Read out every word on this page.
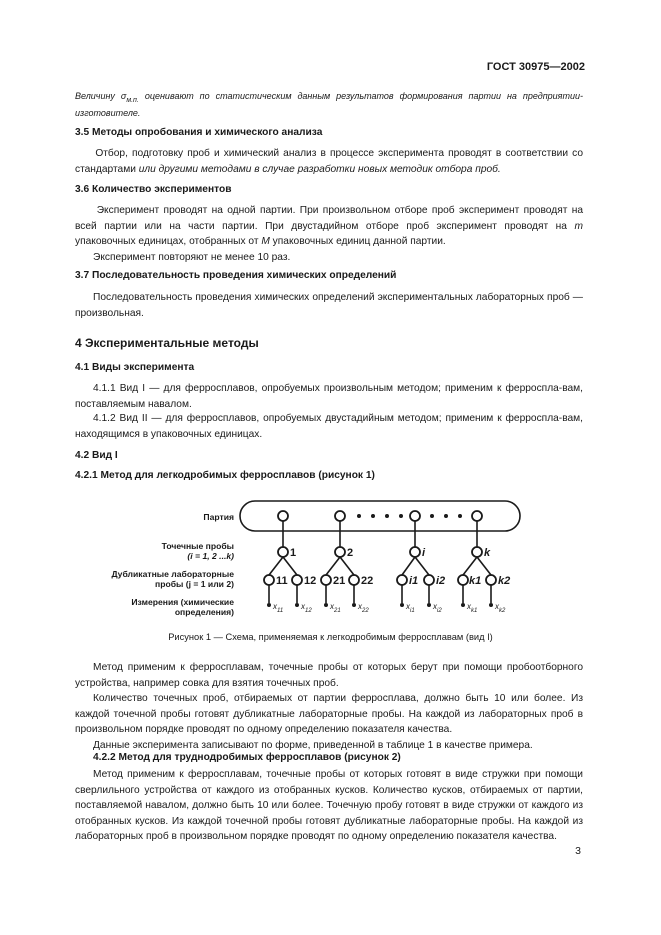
ГОСТ 30975—2002

Величину $\sigma_{м.п.}$ оценивают по статистическим данным результатов формирования партии на предприятии-изготовителе.

3.5 Методы опробования и химического анализа

Отбор, подготовку проб и химический анализ в процессе эксперимента проводят в соответствии со стандартами или другими методами в случае разработки новых методик отбора проб.

3.6 Количество экспериментов

Эксперимент проводят на одной партии. При произвольном отборе проб эксперимент проводят на всей партии или на части партии. При двустадийном отборе проб эксперимент проводят на m упаковочных единицах, отобранных от M упаковочных единиц данной партии.

Эксперимент повторяют не менее 10 раз.

3.7 Последовательность проведения химических определений

Последовательность проведения химических определений экспериментальных лабораторных проб — произвольная.

4 Экспериментальные методы
4.1 Виды эксперимента

4.1.1 Вид I — для ферросплавов, опробуемых произвольным методом; применим к ферроспла-вам, поставляемым навалом.

4.1.2 Вид II — для ферросплавов, опробуемых двустадийным методом; применим к ферроспла-вам, находящимся в упаковочных единицах.

4.2 Вид I
4.2.1 Метод для легкодробимых ферросплавов (рисунок 1)
Партия
Точечные пробы
(i = 1, 2 ...k)
Дубликатные лабораторные
пробы (j = 1 или 2)
Измерения (химические
определения)
1	2	i	k
11 12 21 22	i1 i2 k1 k2
$x_{11}$ $x_{12}$ $x_{21}$ $x_{22}$	$x_{i1}$ $x_{i2}$	$x_{k1}$ $x_{k2}$
Рисунок 1 — Схема, применяемая к легкодробимым ферросплавам (вид I)

Метод применим к ферросплавам, точечные пробы от которых берут при помощи пробоотборного устройства, например совка для взятия точечных проб.

Количество точечных проб, отбираемых от партии ферросплава, должно быть 10 или более. Из каждой точечной пробы готовят дубликатные лабораторные пробы. На каждой из лабораторных проб в произвольном порядке проводят по одному определению показателя качества.

Данные эксперимента записывают по форме, приведенной в таблице 1 в качестве примера.

4.2.2 Метод для труднодробимых ферросплавов (рисунок 2)

Метод применим к ферросплавам, точечные пробы от которых готовят в виде стружки при помощи сверлильного устройства от каждого из отобранных кусков. Количество кусков, отбираемых от партии, поставляемой навалом, должно быть 10 или более. Точечную пробу готовят в виде стружки от каждого из отобранных кусков. Из каждой точечной пробы готовят дубликатные лабораторные пробы. На каждой из лабораторных проб в произвольном порядке проводят по одному определению показателя качества.

3
